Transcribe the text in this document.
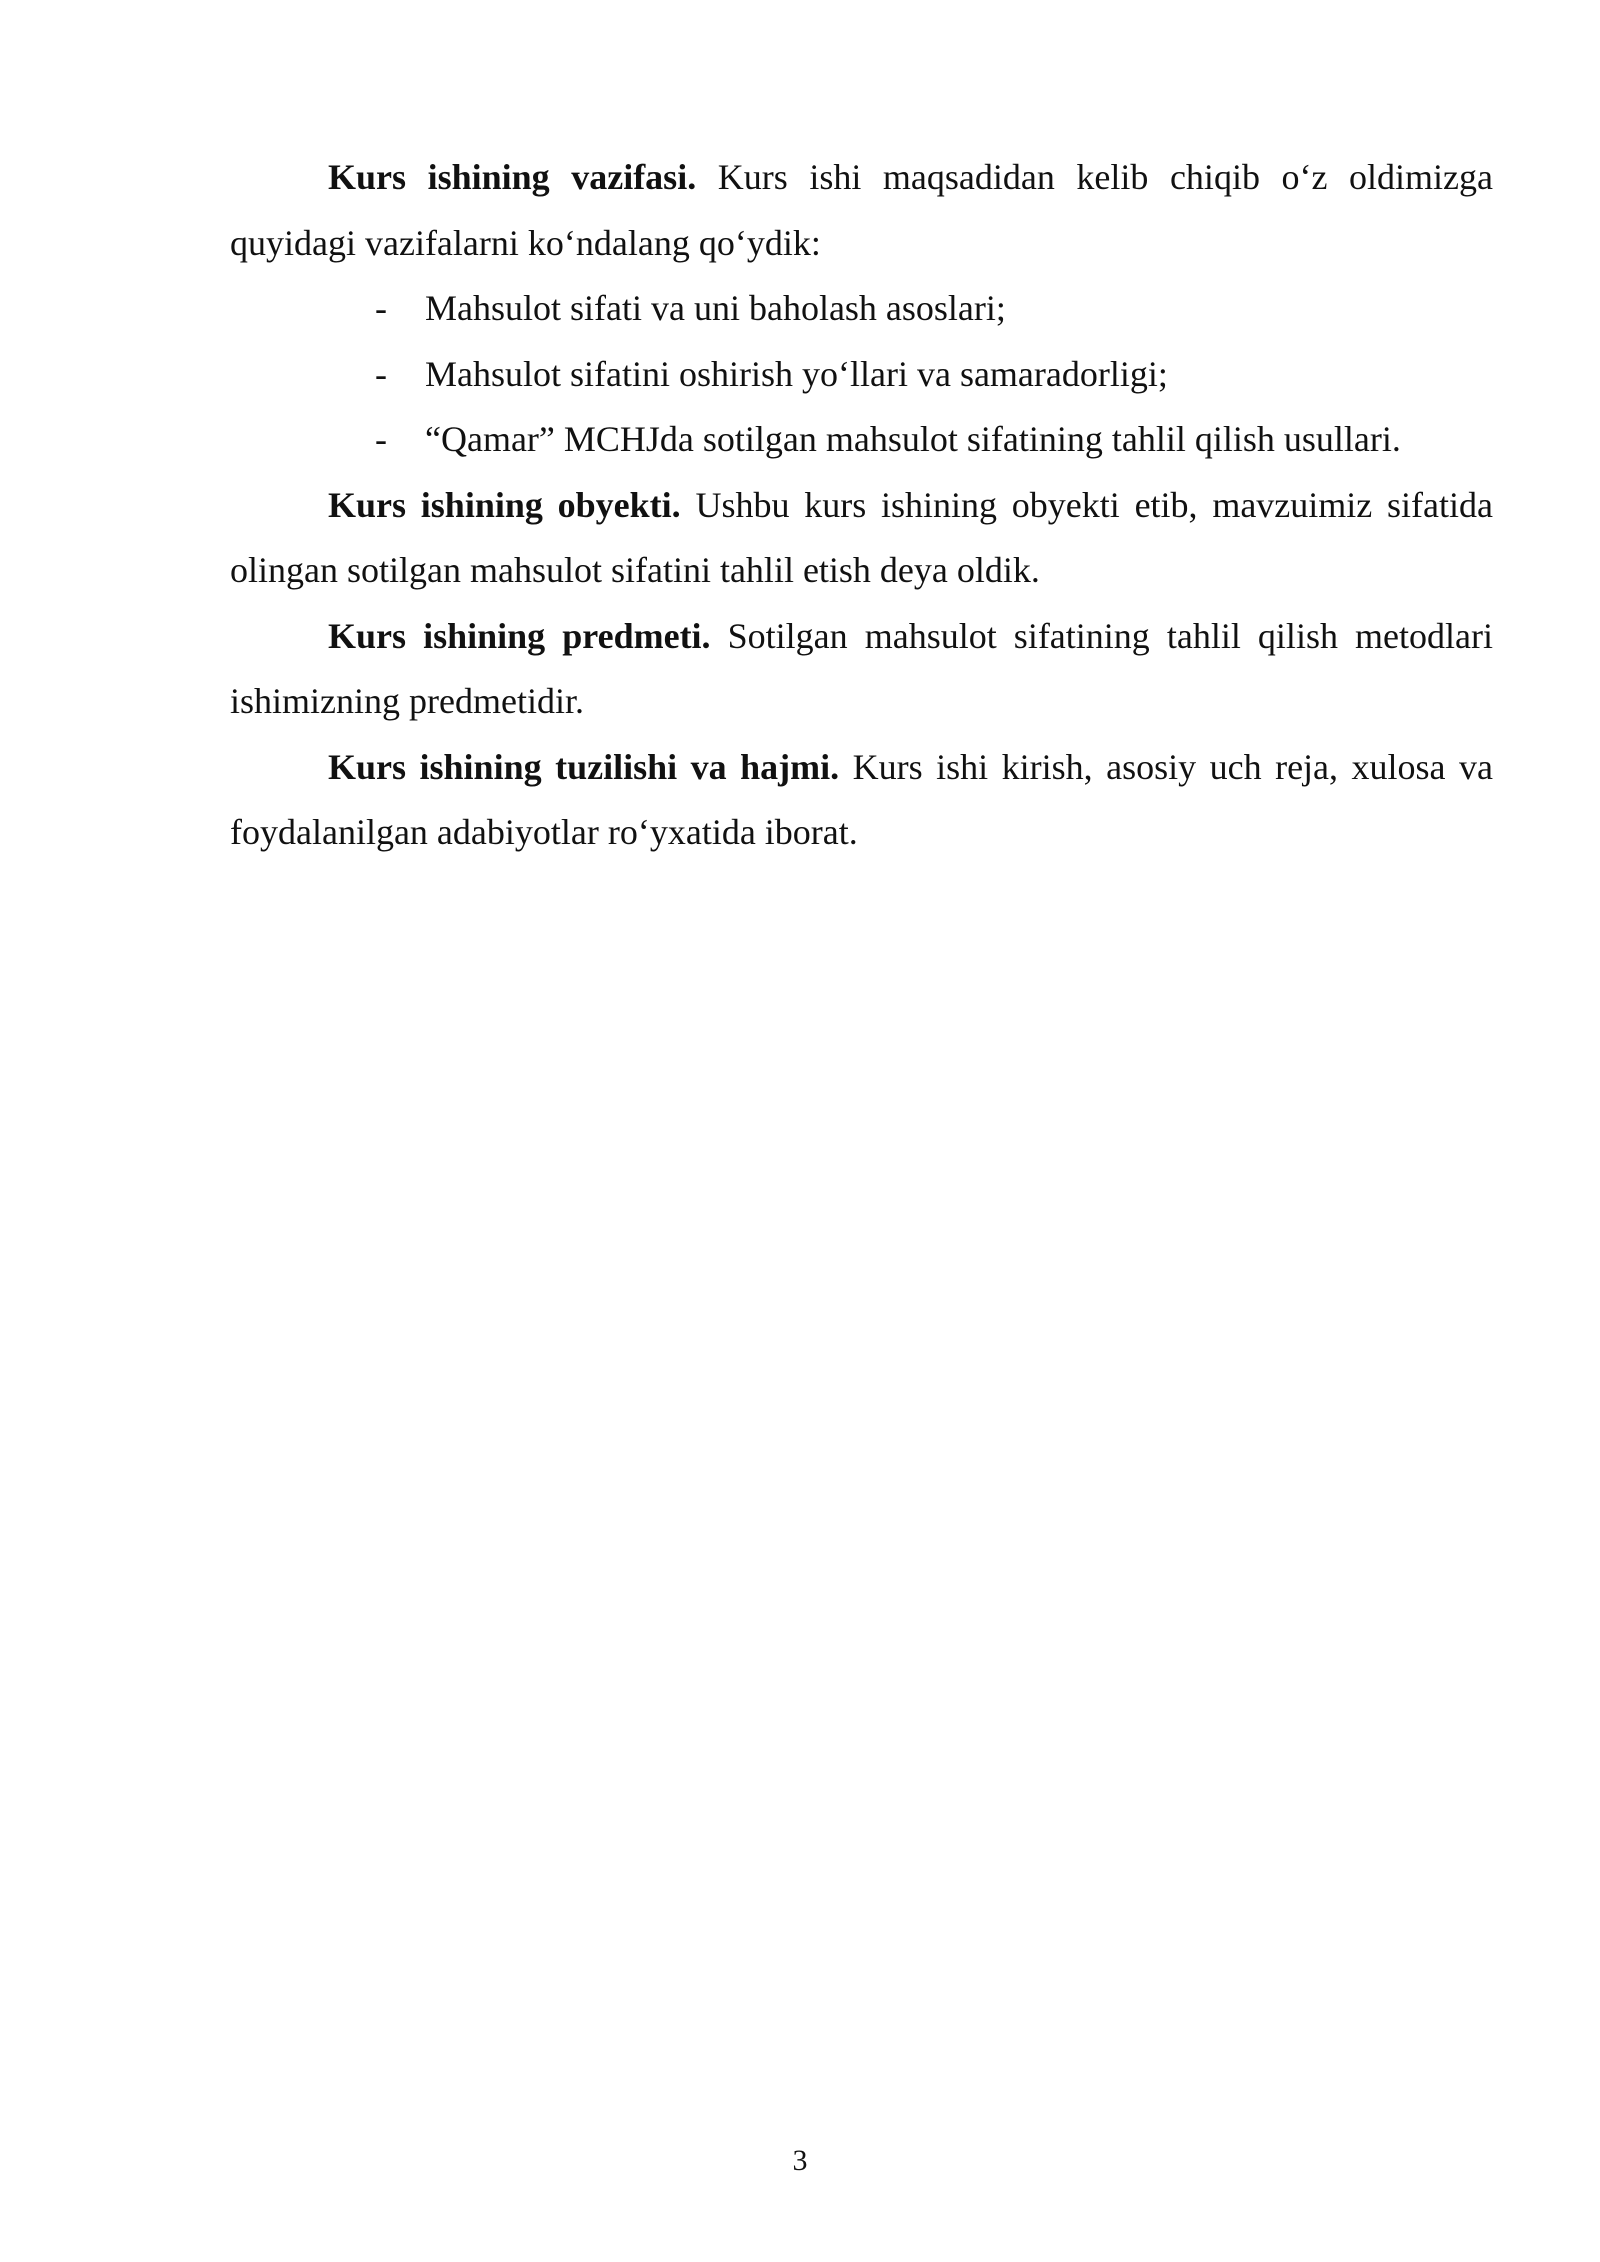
Kurs ishining vazifasi. Kurs ishi maqsadidan kelib chiqib o‘z oldimizga quyidagi vazifalarni ko‘ndalang qo‘ydik:

- Mahsulot sifati va uni baholash asoslari;
- Mahsulot sifatini oshirish yo‘llari va samaradorligi;
- “Qamar” MCHJda sotilgan mahsulot sifatining tahlil qilish usullari.

Kurs ishining obyekti. Ushbu kurs ishining obyekti etib, mavzuimiz sifatida olingan sotilgan mahsulot sifatini tahlil etish deya oldik.

Kurs ishining predmeti. Sotilgan mahsulot sifatining tahlil qilish metodlari ishimizning predmetidir.

Kurs ishining tuzilishi va hajmi. Kurs ishi kirish, asosiy uch reja, xulosa va foydalanilgan adabiyotlar ro‘yxatida iborat.

3
